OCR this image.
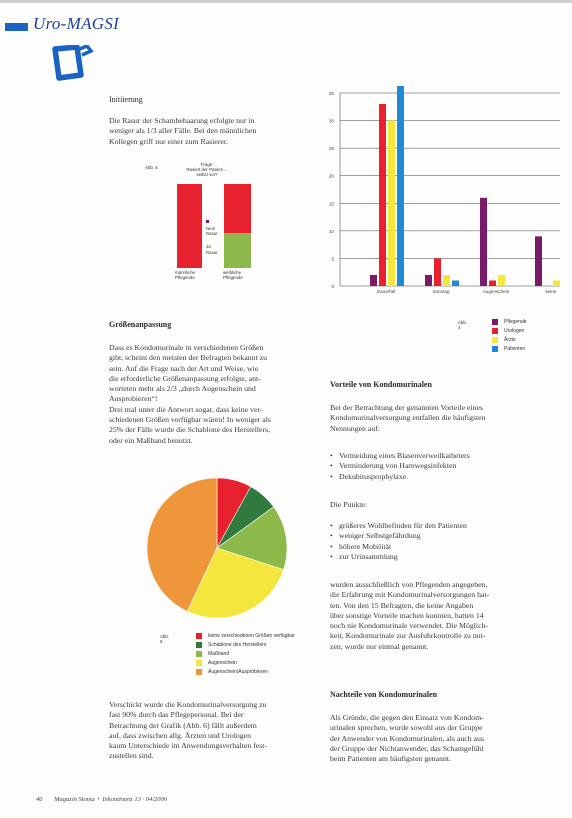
Uro-MAGSI
Initiierung
Die Rasur der Schambehaarung erfolgte nur in
weniger als 1/3 aller Fälle. Bei den männlichen
Kollegen griff nur einer zum Rasierer.
Abb. 5
Frage:
Rasiert der Patient ...
selbst vor?
Nein
Rasur
Ja
Rasur
männliche
Pflegende
weibliche
Pflegende
Größenanpassung
Dass es Kondomurinale in verschiedenen Größen
gibt, scheint den meisten der Befragten bekannt zu
sein. Auf die Frage nach der Art und Weise, wie
die erforderliche Größenanpassung erfolgte, ant-
worteten mehr als 2/3 „durch Augenschein und
Ausprobieren“!
Drei mal unter die Antwort sogar, dass keine ver-
schiedenen Größen verfügbar wären! In weniger als
25% der Fälle wurde die Schablone des Herstellers,
oder ein Maßband benutzt.
Abb. 6
keine verschiedenen Größen verfügbar
Schablone des Herstellers
Maßband
Augenschein
Augenschein/Ausprobieren
Verschickt wurde die Kondomurinalversorgung zu
fast 90% durch das Pflegepersonal. Bei der
Betrachtung der Grafik (Abb. 6) fällt außerdem
auf, dass zwischen allg. Ärzten und Urologen
kaum Unterschiede im Anwendungsverhalten fest-
zustellen sind.
0
5
10
15
20
25
30
35
Dauerfall	Sonntag	Augenschein	keine
Abb. 4
Pflegende
Urologen
Ärzte
Patienten
Vorteile von Kondomurinalen
Bei der Betrachtung der genannten Vorteile eines
Kondomurinalversorgung entfallen die häufigsten
Nennungen auf:
• Vermeidung eines Blasenverweilkatheters
• Verminderung von Harnwegsinfekten
• Dekubitusprophylaxe.
Die Punkte:
• größeres Wohlbefinden für den Patienten
• weniger Selbstgefährdung
• höhere Mobilität
• zur Urinsammlung
wurden ausschließlich von Pflegenden angegeben,
die Erfahrung mit Kondomurinalversorgungen hat-
ten. Von den 15 Befragten, die keine Angaben
über sonstige Vorteile machen konnten, hatten 14
noch nie Kondomurinale verwendet. Die Möglich-
keit, Kondomurinale zur Ausfuhrkontrolle zu nut-
zen, wurde nur einmal genannt.
Nachteile von Kondomurinalen
Als Gründe, die gegen den Einsatz von Kondom-
urinalen sprechen, wurde sowohl aus der Gruppe
der Anwender von Kondomurinalen, als auch aus
der Gruppe der Nichtanwender, das Schamgefühl
beim Patienten am häufigsten genannt.
40 Magazin Stoma + Inkontinenz 13 · 04/2000
